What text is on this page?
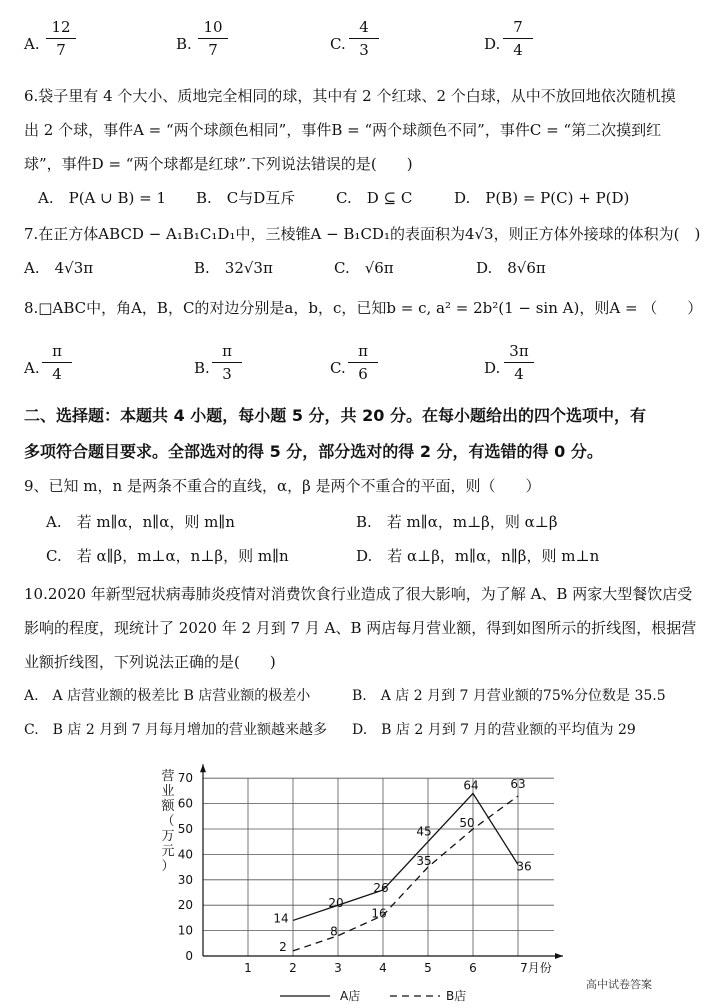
A.
12
7	B.
10
7	C.
4
3	D.
7
4
6.袋子里有 4 个大小、质地完全相同的球，其中有 2 个红球、2 个白球，从中不放回地依次随机摸
出 2 个球，事件A = “两个球颜色相同”，事件B = “两个球颜色不同”，事件C = “第二次摸到红
球”，事件D = “两个球都是红球”.下列说法错误的是(　　)
A.　P(A ∪ B) = 1 B.　C与D互斥	C.　D ⊆ C	D.　P(B) = P(C) + P(D)
7.在正方体ABCD − A₁B₁C₁D₁中，三棱锥A − B₁CD₁的表面积为4√3，则正方体外接球的体积为(　)
A.　4√3π	B.　32√3π	C.　√6π	D.　8√6π
8.□ABC中，角A，B，C的对边分别是a，b，c，已知b = c, a² = 2b²(1 − sin A)，则A = （　　）
A.
π
4	B.
π
3	C.
π
6	D.
3π
4
二、选择题：本题共 4 小题，每小题 5 分，共 20 分。在每小题给出的四个选项中，有
多项符合题目要求。全部选对的得 5 分，部分选对的得 2 分，有选错的得 0 分。
9、已知 m，n 是两条不重合的直线，α，β 是两个不重合的平面，则（　　）
A.　若 m∥α，n∥α，则 m∥n	B.　若 m∥α，m⊥β，则 α⊥β
C.　若 α∥β，m⊥α，n⊥β，则 m∥n	D.　若 α⊥β，m∥α，n∥β，则 m⊥n
10.2020 年新型冠状病毒肺炎疫情对消费饮食行业造成了很大影响，为了解 A、B 两家大型餐饮店受
影响的程度，现统计了 2020 年 2 月到 7 月 A、B 两店每月营业额，得到如图所示的折线图，根据营
业额折线图，下列说法正确的是(　　)
A.　A 店营业额的极差比 B 店营业额的极差小	B.　A 店 2 月到 7 月营业额的75%分位数是 35.5
C.　B 店 2 月到 7 月每月增加的营业额越来越多 D.　B 店 2 月到 7 月的营业额的平均值为 29
0
10
20
30
40
50
60
70
1	2	3	4	5	6	7月份
14
20
26
45
64
36
2
8
16
35
50
63
营
业
额
（
万
元
）
A店	B店
高中试卷答案
